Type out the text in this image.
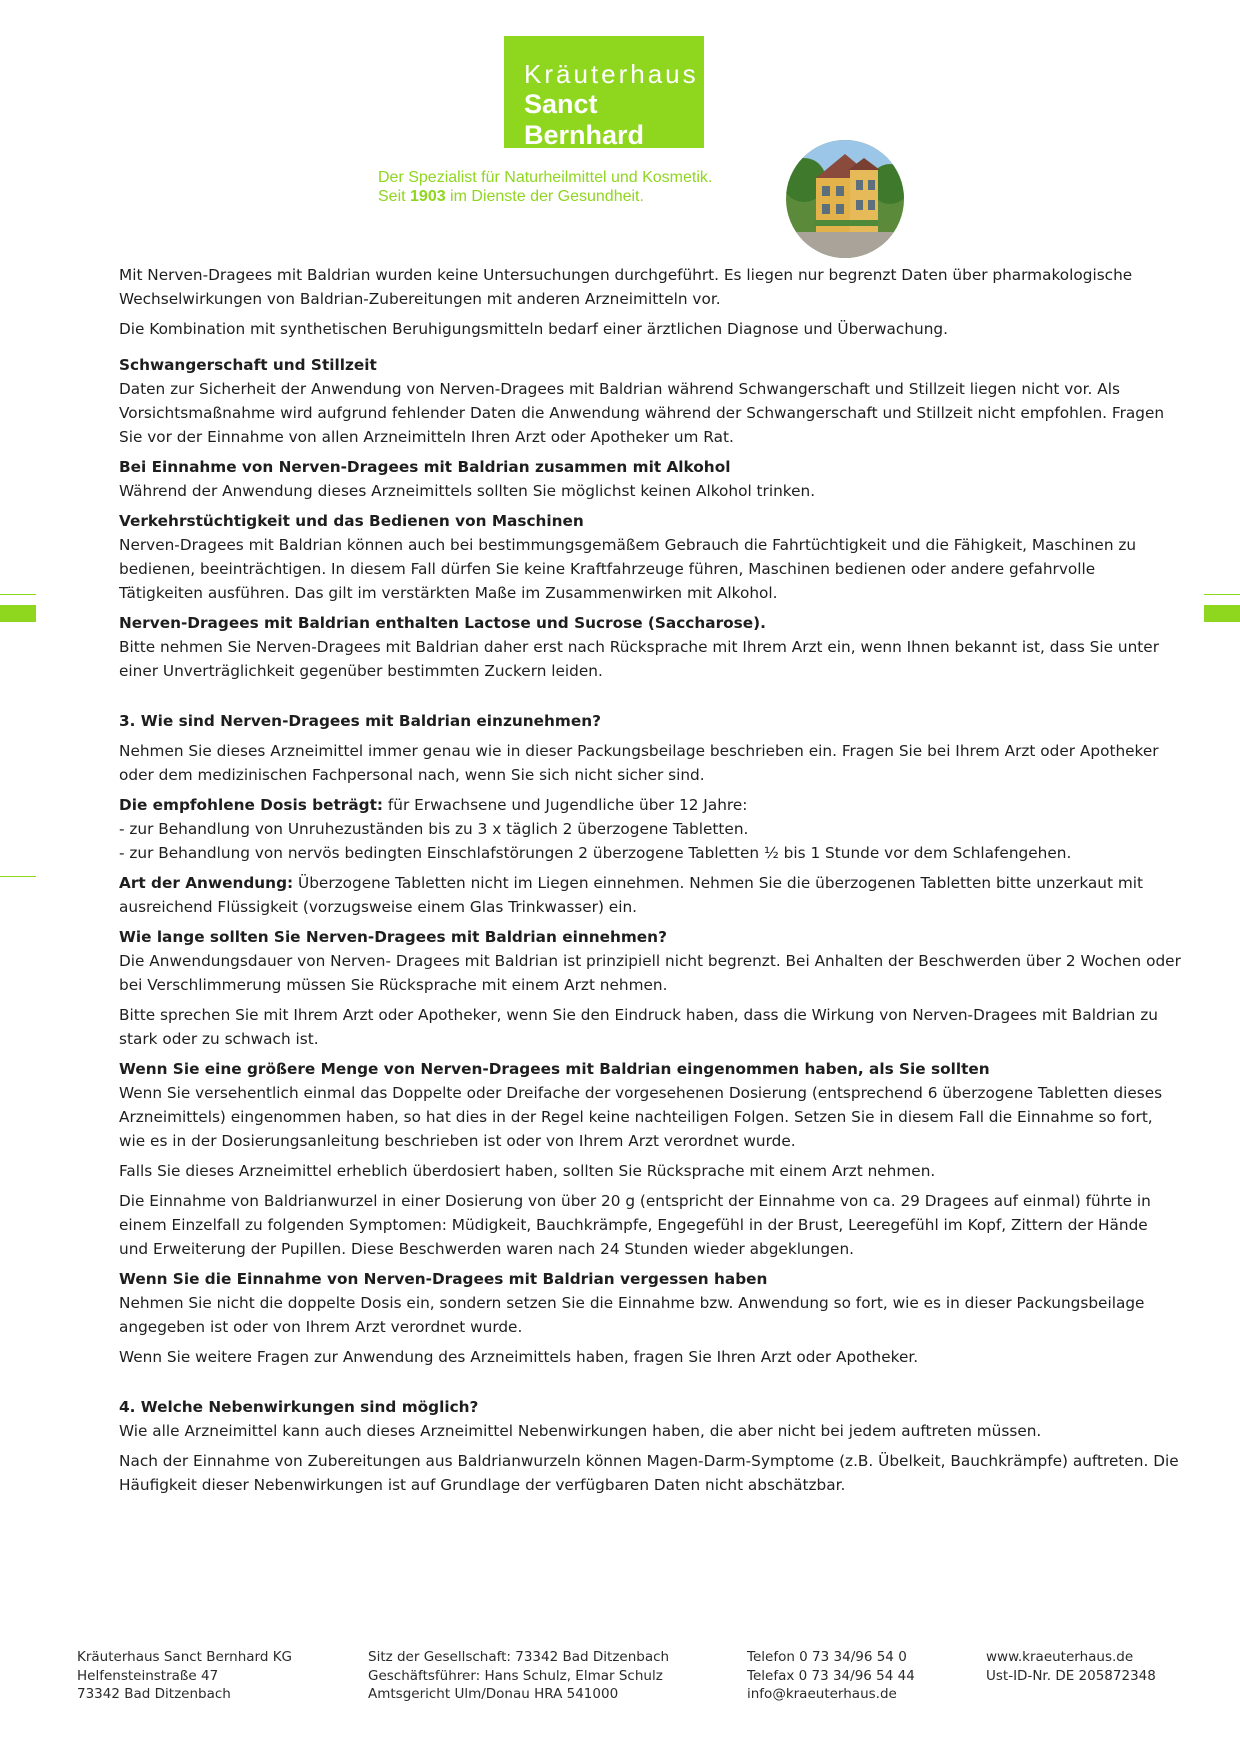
Kräuterhaus
Sanct Bernhard
Der Spezialist für Naturheilmittel und Kosmetik.
Seit 1903 im Dienste der Gesundheit.

Mit Nerven-Dragees mit Baldrian wurden keine Untersuchungen durchgeführt. Es liegen nur begrenzt Daten über pharmakologische Wechselwirkungen von Baldrian-Zubereitungen mit anderen Arzneimitteln vor.

Die Kombination mit synthetischen Beruhigungsmitteln bedarf einer ärztlichen Diagnose und Überwachung.

Schwangerschaft und Stillzeit
Daten zur Sicherheit der Anwendung von Nerven-Dragees mit Baldrian während Schwangerschaft und Stillzeit liegen nicht vor. Als Vorsichtsmaßnahme wird aufgrund fehlender Daten die Anwendung während der Schwangerschaft und Stillzeit nicht empfohlen. Fragen Sie vor der Einnahme von allen Arzneimitteln Ihren Arzt oder Apotheker um Rat.
Bei Einnahme von Nerven-Dragees mit Baldrian zusammen mit Alkohol
Während der Anwendung dieses Arzneimittels sollten Sie möglichst keinen Alkohol trinken.
Verkehrstüchtigkeit und das Bedienen von Maschinen
Nerven-Dragees mit Baldrian können auch bei bestimmungsgemäßem Gebrauch die Fahrtüchtigkeit und die Fähigkeit, Maschinen zu bedienen, beeinträchtigen. In diesem Fall dürfen Sie keine Kraftfahrzeuge führen, Maschinen bedienen oder andere gefahrvolle Tätigkeiten ausführen. Das gilt im verstärkten Maße im Zusammenwirken mit Alkohol.
Nerven-Dragees mit Baldrian enthalten Lactose und Sucrose (Saccharose).
Bitte nehmen Sie Nerven-Dragees mit Baldrian daher erst nach Rücksprache mit Ihrem Arzt ein, wenn Ihnen bekannt ist, dass Sie unter einer Unverträglichkeit gegenüber bestimmten Zuckern leiden.

3. Wie sind Nerven-Dragees mit Baldrian einzunehmen?

Nehmen Sie dieses Arzneimittel immer genau wie in dieser Packungsbeilage beschrieben ein. Fragen Sie bei Ihrem Arzt oder Apotheker oder dem medizinischen Fachpersonal nach, wenn Sie sich nicht sicher sind.

Die empfohlene Dosis beträgt: für Erwachsene und Jugendliche über 12 Jahre:
- zur Behandlung von Unruhezuständen bis zu 3 x täglich 2 überzogene Tabletten.
- zur Behandlung von nervös bedingten Einschlafstörungen 2 überzogene Tabletten ½ bis 1 Stunde vor dem Schlafengehen.

Art der Anwendung: Überzogene Tabletten nicht im Liegen einnehmen. Nehmen Sie die überzogenen Tabletten bitte unzerkaut mit ausreichend Flüssigkeit (vorzugsweise einem Glas Trinkwasser) ein.

Wie lange sollten Sie Nerven-Dragees mit Baldrian einnehmen?
Die Anwendungsdauer von Nerven- Dragees mit Baldrian ist prinzipiell nicht begrenzt. Bei Anhalten der Beschwerden über 2 Wochen oder bei Verschlimmerung müssen Sie Rücksprache mit einem Arzt nehmen.

Bitte sprechen Sie mit Ihrem Arzt oder Apotheker, wenn Sie den Eindruck haben, dass die Wirkung von Nerven-Dragees mit Baldrian zu stark oder zu schwach ist.

Wenn Sie eine größere Menge von Nerven-Dragees mit Baldrian eingenommen haben, als Sie sollten
Wenn Sie versehentlich einmal das Doppelte oder Dreifache der vorgesehenen Dosierung (entsprechend 6 überzogene Tabletten dieses Arzneimittels) eingenommen haben, so hat dies in der Regel keine nachteiligen Folgen. Setzen Sie in diesem Fall die Einnahme so fort, wie es in der Dosierungsanleitung beschrieben ist oder von Ihrem Arzt verordnet wurde.

Falls Sie dieses Arzneimittel erheblich überdosiert haben, sollten Sie Rücksprache mit einem Arzt nehmen.

Die Einnahme von Baldrianwurzel in einer Dosierung von über 20 g (entspricht der Einnahme von ca. 29 Dragees auf einmal) führte in einem Einzelfall zu folgenden Symptomen: Müdigkeit, Bauchkrämpfe, Engegefühl in der Brust, Leeregefühl im Kopf, Zittern der Hände und Erweiterung der Pupillen. Diese Beschwerden waren nach 24 Stunden wieder abgeklungen.

Wenn Sie die Einnahme von Nerven-Dragees mit Baldrian vergessen haben
Nehmen Sie nicht die doppelte Dosis ein, sondern setzen Sie die Einnahme bzw. Anwendung so fort, wie es in dieser Packungsbeilage angegeben ist oder von Ihrem Arzt verordnet wurde.

Wenn Sie weitere Fragen zur Anwendung des Arzneimittels haben, fragen Sie Ihren Arzt oder Apotheker.

4. Welche Nebenwirkungen sind möglich?

Wie alle Arzneimittel kann auch dieses Arzneimittel Nebenwirkungen haben, die aber nicht bei jedem auftreten müssen.

Nach der Einnahme von Zubereitungen aus Baldrianwurzeln können Magen-Darm-Symptome (z.B. Übelkeit, Bauchkrämpfe) auftreten. Die Häufigkeit dieser Nebenwirkungen ist auf Grundlage der verfügbaren Daten nicht abschätzbar.

Kräuterhaus Sanct Bernhard KG
Helfensteinstraße 47
73342 Bad Ditzenbach
Sitz der Gesellschaft: 73342 Bad Ditzenbach
Geschäftsführer: Hans Schulz, Elmar Schulz
Amtsgericht Ulm/Donau HRA 541000
Telefon 0 73 34/96 54 0
Telefax 0 73 34/96 54 44
info@kraeuterhaus.de
www.kraeuterhaus.de
Ust-ID-Nr. DE 205872348
